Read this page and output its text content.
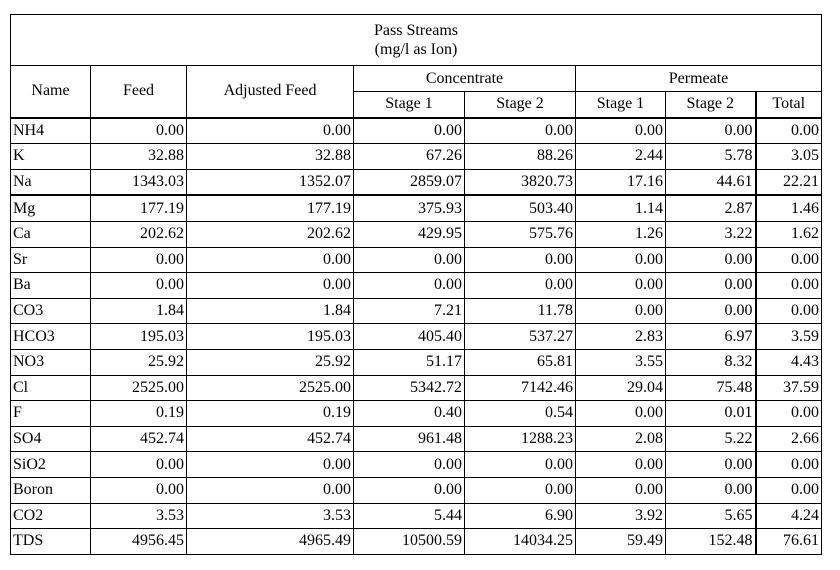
Pass Streams
(mg/l as Ion)							

Name	Feed	Adjusted Feed	Concentrate		Permeate		
			Stage 1	Stage 2	Stage 1	Stage 2	Total
NH4	0.00	0.00	0.00	0.00	0.00	0.00	0.00
K	32.88	32.88	67.26	88.26	2.44	5.78	3.05
Na	1343.03	1352.07	2859.07	3820.73	17.16	44.61	22.21
Mg	177.19	177.19	375.93	503.40	1.14	2.87	1.46
Ca	202.62	202.62	429.95	575.76	1.26	3.22	1.62
Sr	0.00	0.00	0.00	0.00	0.00	0.00	0.00
Ba	0.00	0.00	0.00	0.00	0.00	0.00	0.00
CO3	1.84	1.84	7.21	11.78	0.00	0.00	0.00
HCO3	195.03	195.03	405.40	537.27	2.83	6.97	3.59
NO3	25.92	25.92	51.17	65.81	3.55	8.32	4.43
Cl	2525.00	2525.00	5342.72	7142.46	29.04	75.48	37.59
F	0.19	0.19	0.40	0.54	0.00	0.01	0.00
SO4	452.74	452.74	961.48	1288.23	2.08	5.22	2.66
SiO2	0.00	0.00	0.00	0.00	0.00	0.00	0.00
Boron	0.00	0.00	0.00	0.00	0.00	0.00	0.00
CO2	3.53	3.53	5.44	6.90	3.92	5.65	4.24
TDS	4956.45	4965.49	10500.59	14034.25	59.49	152.48	76.61
